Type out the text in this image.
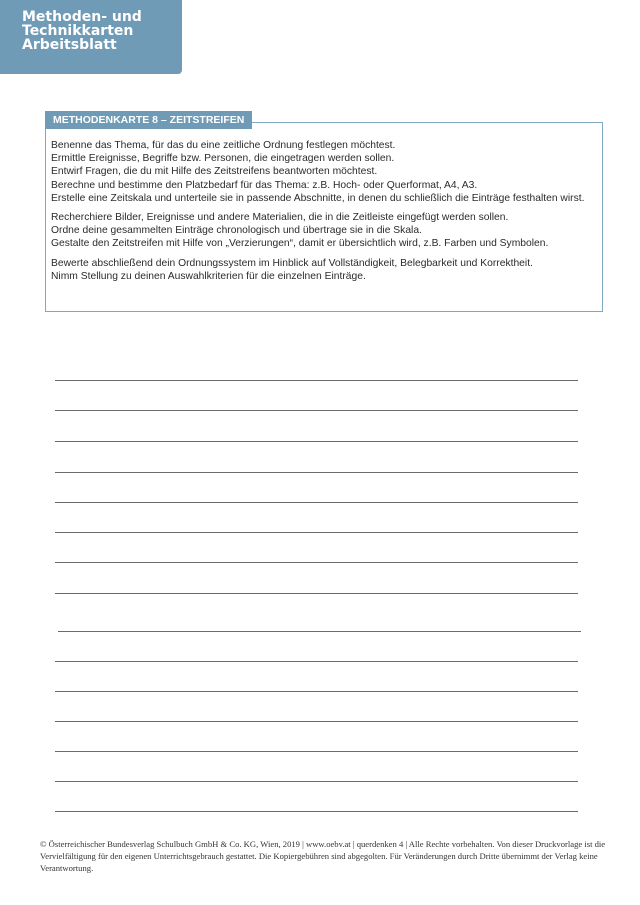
Methoden- und
Technikkarten
Arbeitsblatt
METHODENKARTE 8 – ZEITSTREIFEN

Benenne das Thema, für das du eine zeitliche Ordnung festlegen möchtest.
Ermittle Ereignisse, Begriffe bzw. Personen, die eingetragen werden sollen.
Entwirf Fragen, die du mit Hilfe des Zeitstreifens beantworten möchtest.
Berechne und bestimme den Platzbedarf für das Thema: z.B. Hoch- oder Querformat, A4, A3.
Erstelle eine Zeitskala und unterteile sie in passende Abschnitte, in denen du schließlich die Einträge festhalten wirst.

Recherchiere Bilder, Ereignisse und andere Materialien, die in die Zeitleiste eingefügt werden sollen.
Ordne deine gesammelten Einträge chronologisch und übertrage sie in die Skala.
Gestalte den Zeitstreifen mit Hilfe von „Verzierungen“, damit er übersichtlich wird, z.B. Farben und Symbolen.

Bewerte abschließend dein Ordnungssystem im Hinblick auf Vollständigkeit, Belegbarkeit und Korrektheit.
Nimm Stellung zu deinen Auswahlkriterien für die einzelnen Einträge.

© Österreichischer Bundesverlag Schulbuch GmbH & Co. KG, Wien, 2019 | www.oebv.at | querdenken 4 | Alle Rechte vorbehalten. Von dieser Druckvorlage ist die Vervielfältigung für den eigenen Unterrichtsgebrauch gestattet. Die Kopiergebühren sind abgegolten. Für Veränderungen durch Dritte übernimmt der Verlag keine Verantwortung.
